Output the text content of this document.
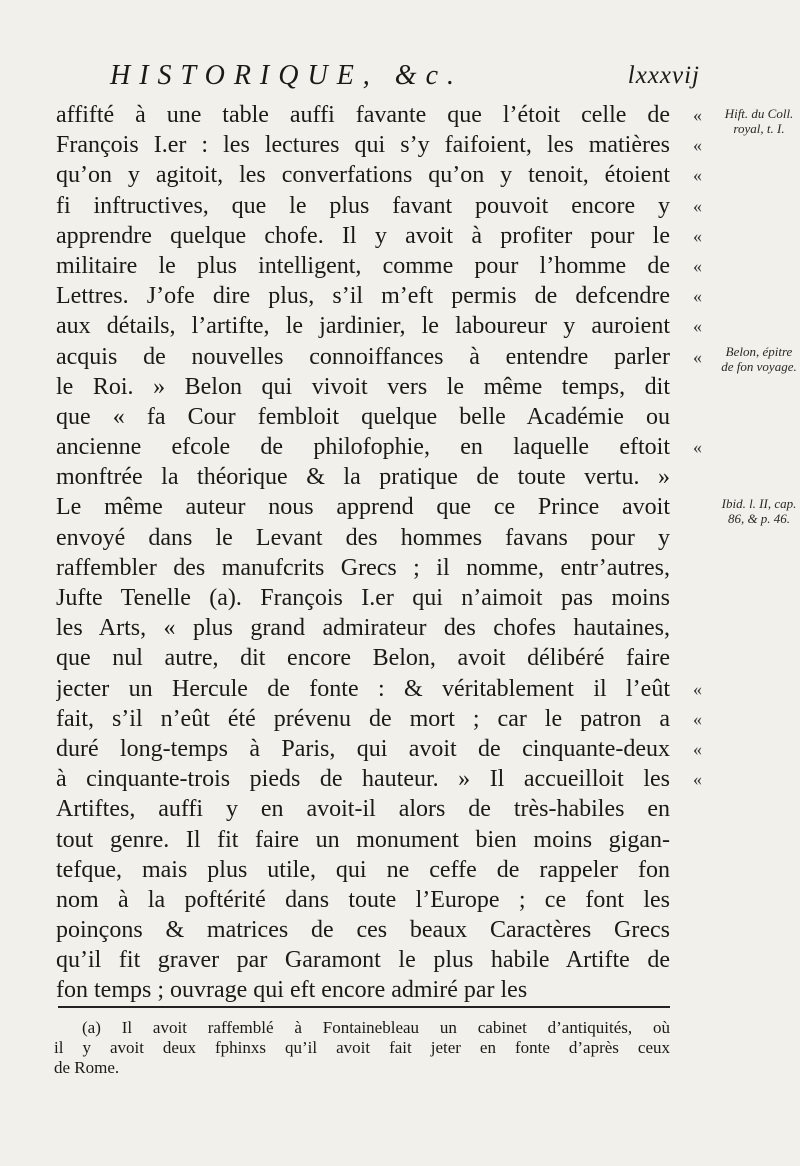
HISTORIQUE, &c.	lxxxvij
affifté à une table auffi favante que l’étoit celle de
François I.er : les lectures qui s’y faifoient, les matières
qu’on y agitoit, les converfations qu’on y tenoit, étoient
fi inftructives, que le plus favant pouvoit encore y
apprendre quelque chofe. Il y avoit à profiter pour le
militaire le plus intelligent, comme pour l’homme de
Lettres. J’ofe dire plus, s’il m’eft permis de defcendre
aux détails, l’artifte, le jardinier, le laboureur y auroient
acquis de nouvelles connoiffances à entendre parler
le Roi. » Belon qui vivoit vers le même temps, dit
que « fa Cour fembloit quelque belle Académie ou
ancienne efcole de philofophie, en laquelle eftoit
monftrée la théorique & la pratique de toute vertu. »
Le même auteur nous apprend que ce Prince avoit
envoyé dans le Levant des hommes favans pour y
raffembler des manufcrits Grecs ; il nomme, entr’autres,
Jufte Tenelle (a). François I.er qui n’aimoit pas moins
les Arts, « plus grand admirateur des chofes hautaines,
que nul autre, dit encore Belon, avoit délibéré faire
jecter un Hercule de fonte : & véritablement il l’eût
fait, s’il n’eût été prévenu de mort ; car le patron a
duré long-temps à Paris, qui avoit de cinquante-deux
à cinquante-trois pieds de hauteur. » Il accueilloit les
Artiftes, auffi y en avoit-il alors de très-habiles en
tout genre. Il fit faire un monument bien moins gigan-
tefque, mais plus utile, qui ne ceffe de rappeler fon
nom à la poftérité dans toute l’Europe ; ce font les
poinçons & matrices de ces beaux Caractères Grecs
qu’il fit graver par Garamont le plus habile Artifte de
fon temps ; ouvrage qui eft encore admiré par les
«
«
«
«
«
«
«
«
«
«
«
«
«
«
Hift. du Coll. royal, t. I.
Belon, épitre de fon voyage.
Ibid. l. II, cap. 86, & p. 46.
(a) Il avoit raffemblé à Fontainebleau un cabinet d’antiquités, où
il y avoit deux fphinxs qu’il avoit fait jeter en fonte d’après ceux
de Rome.
